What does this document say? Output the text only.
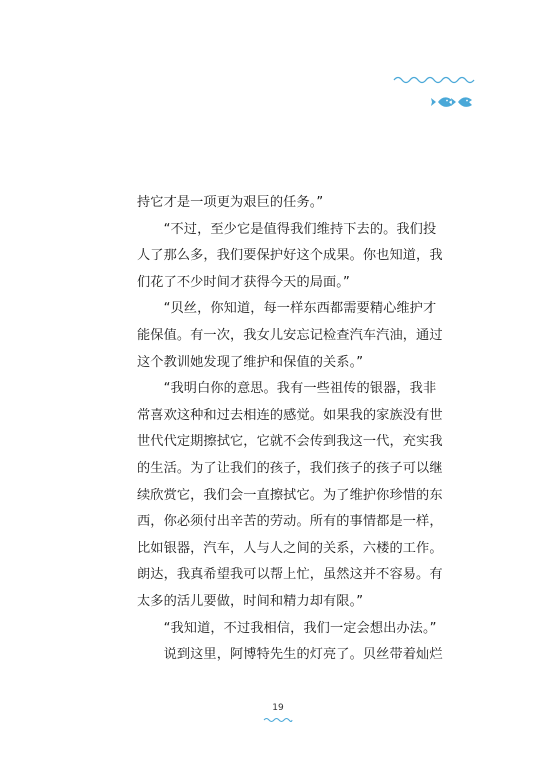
持它才是一项更为艰巨的任务。”
　　“不过，至少它是值得我们维持下去的。我们投
人了那么多，我们要保护好这个成果。你也知道，我
们花了不少时间才获得今天的局面。”
　　“贝丝，你知道，每一样东西都需要精心维护才
能保值。有一次，我女儿安忘记检查汽车汽油，通过
这个教训她发现了维护和保值的关系。”
　　“我明白你的意思。我有一些祖传的银器，我非
常喜欢这种和过去相连的感觉。如果我的家族没有世
世代代定期擦拭它，它就不会传到我这一代，充实我
的生活。为了让我们的孩子，我们孩子的孩子可以继
续欣赏它，我们会一直擦拭它。为了维护你珍惜的东
西，你必须付出辛苦的劳动。所有的事情都是一样，
比如银器，汽车，人与人之间的关系，六楼的工作。
朗达，我真希望我可以帮上忙，虽然这并不容易。有
太多的活儿要做，时间和精力却有限。”
　　“我知道，不过我相信，我们一定会想出办法。”
　　说到这里，阿博特先生的灯亮了。贝丝带着灿烂
19
